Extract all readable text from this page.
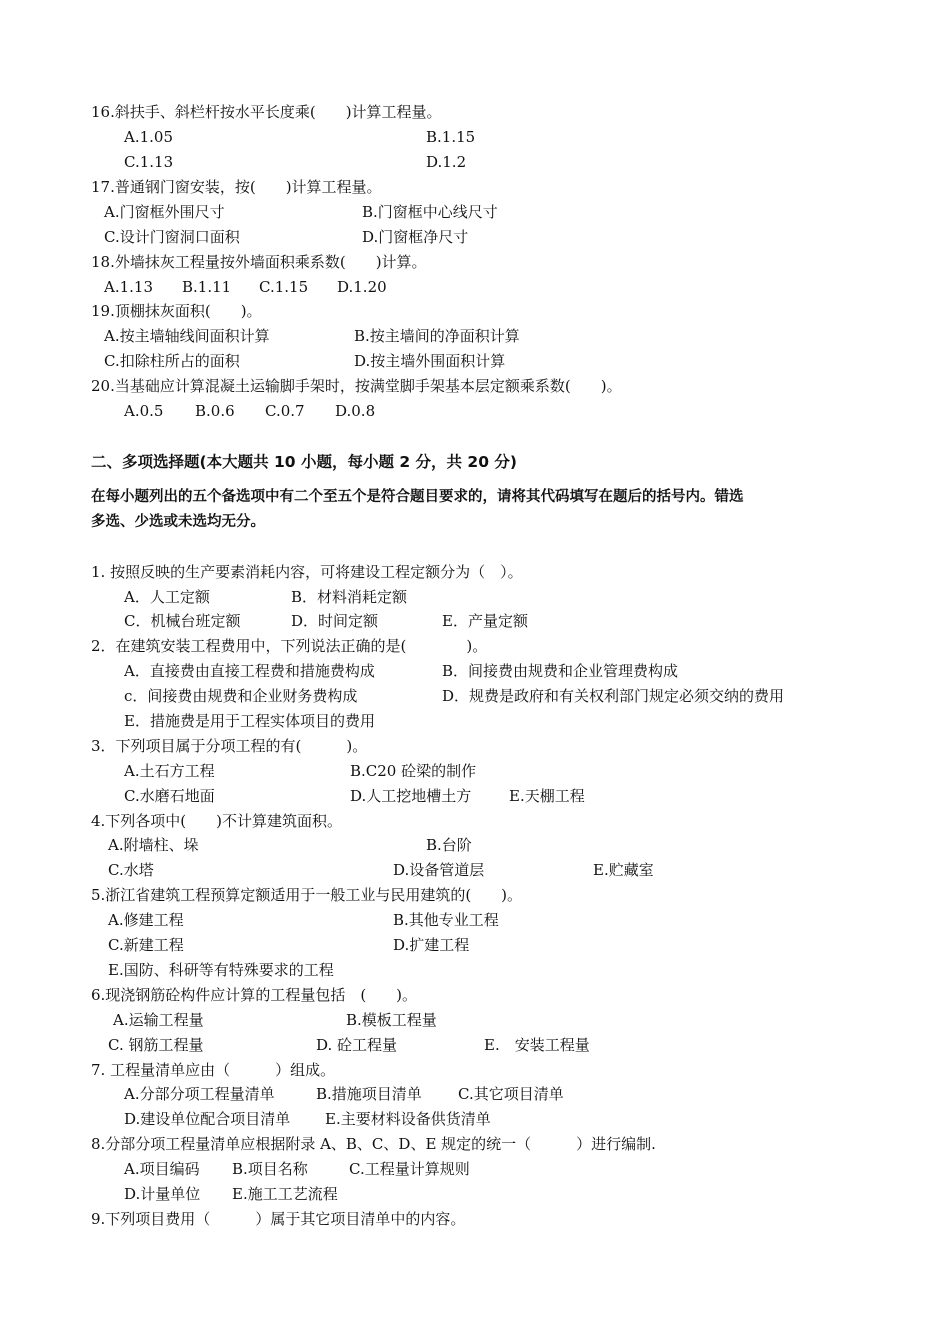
16.斜扶手、斜栏杆按水平长度乘(　　)计算工程量。
A.1.05	B.1.15
C.1.13	D.1.2
17.普通钢门窗安装，按(　　)计算工程量。
A.门窗框外围尺寸	B.门窗框中心线尺寸
C.设计门窗洞口面积	D.门窗框净尺寸
18.外墙抹灰工程量按外墙面积乘系数(　　)计算。
A.1.13 B.1.11 C.1.15 D.1.20
19.顶棚抹灰面积(　　)。
A.按主墙轴线间面积计算	B.按主墙间的净面积计算
C.扣除柱所占的面积	D.按主墙外围面积计算
20.当基础应计算混凝土运输脚手架时，按满堂脚手架基本层定额乘系数(　　)。
A.0.5 B.0.6 C.0.7 D.0.8
二、多项选择题(本大题共 10 小题，每小题 2 分，共 20 分)
在每小题列出的五个备选项中有二个至五个是符合题目要求的，请将其代码填写在题后的括号内。错选
多选、少选或未选均无分。
1. 按照反映的生产要素消耗内容，可将建设工程定额分为（　）。
A．人工定额	B．材料消耗定额
C．机械台班定额	D．时间定额	E．产量定额
2．在建筑安装工程费用中，下列说法正确的是(　　　　)。
A．直接费由直接工程费和措施费构成	B．间接费由规费和企业管理费构成
c．间接费由规费和企业财务费构成	D．规费是政府和有关权利部门规定必须交纳的费用
E．措施费是用于工程实体项目的费用
3．下列项目属于分项工程的有(　　　)。
A.土石方工程	B.C20 砼梁的制作
C.水磨石地面	D.人工挖地槽土方	E.天棚工程
4.下列各项中(　　)不计算建筑面积。
A.附墙柱、垛	B.台阶
C.水塔	D.设备管道层	E.贮藏室
5.浙江省建筑工程预算定额适用于一般工业与民用建筑的(　　)。
A.修建工程	B.其他专业工程
C.新建工程	D.扩建工程
E.国防、科研等有特殊要求的工程
6.现浇钢筋砼构件应计算的工程量包括　(　　)。
A.运输工程量	B.模板工程量
C. 钢筋工程量	D. 砼工程量	E.　安装工程量
7. 工程量清单应由（　　　）组成。
A.分部分项工程量清单	B.措施项目清单 C.其它项目清单
D.建设单位配合项目清单 E.主要材料设备供货清单
8.分部分项工程量清单应根据附录 A、B、C、D、E 规定的统一（　　　）进行编制.
A.项目编码 B.项目名称	C.工程量计算规则
D.计量单位 E.施工工艺流程
9.下列项目费用（　　　）属于其它项目清单中的内容。
